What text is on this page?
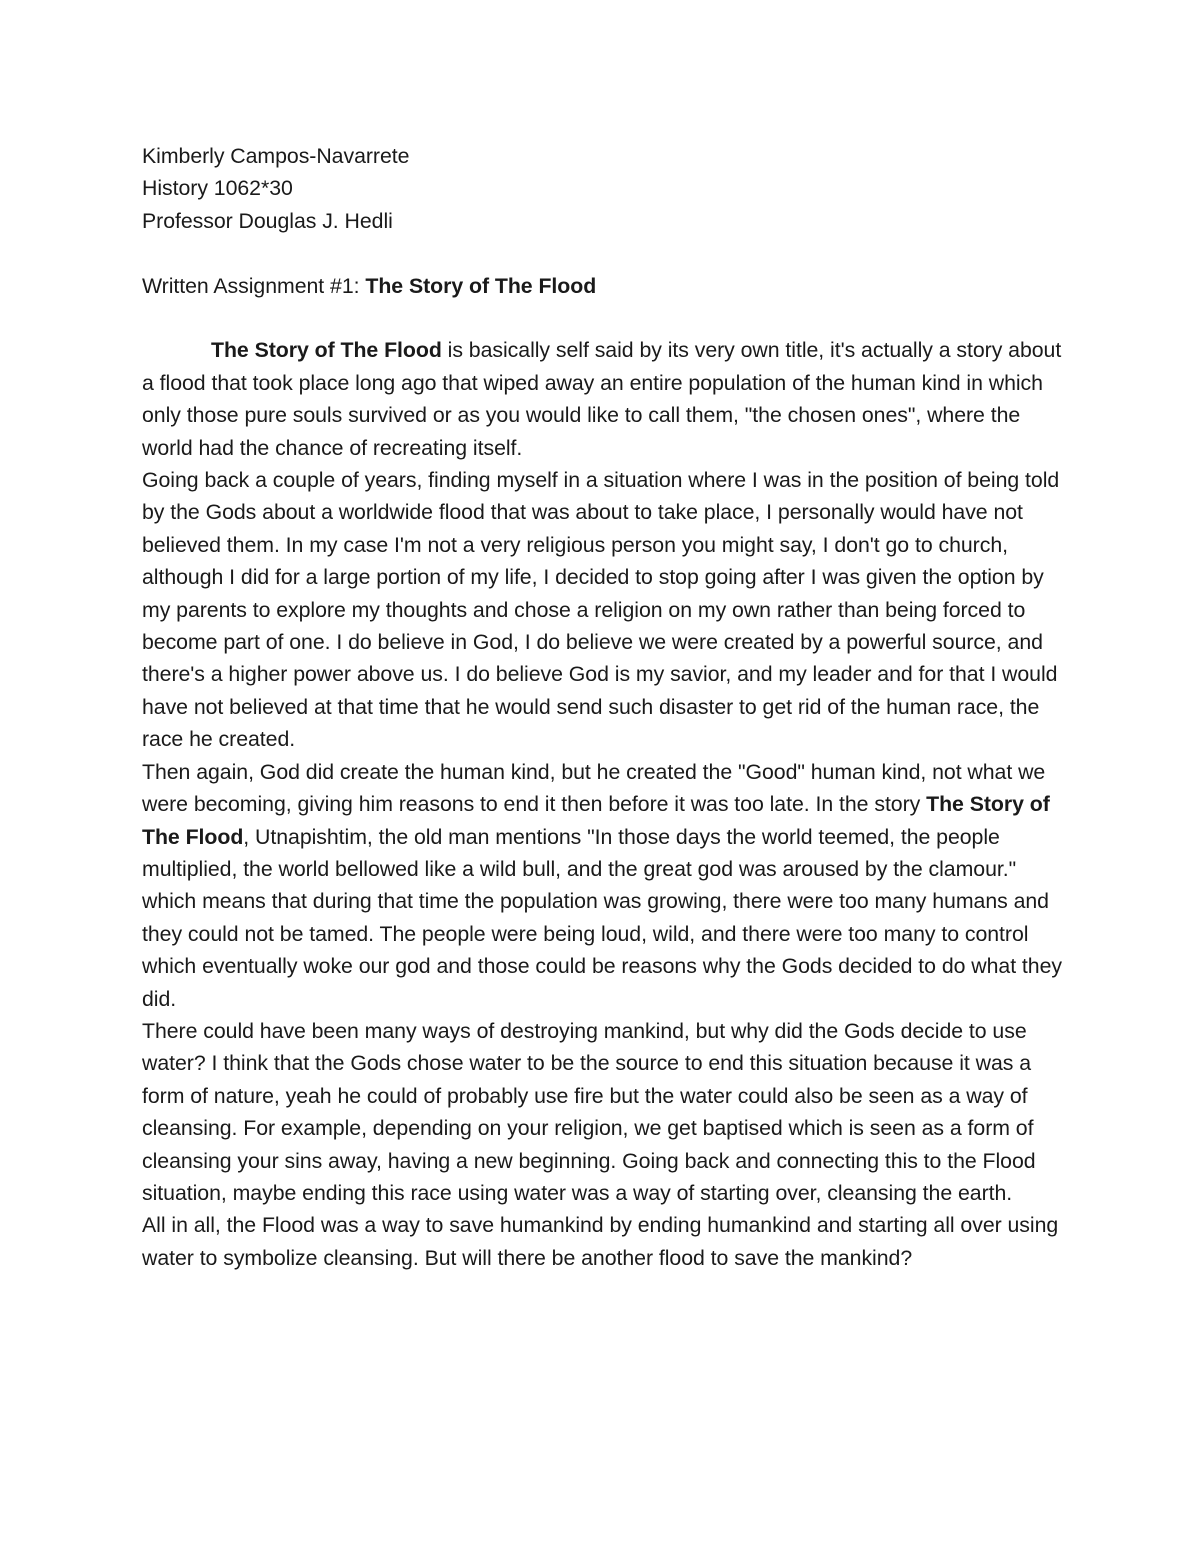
Kimberly Campos-Navarrete

History 1062*30

Professor Douglas J. Hedli

Written Assignment #1: The Story of The Flood

The Story of The Flood is basically self said by its very own title, it's actually a story about a flood that took place long ago that wiped away an entire population of the human kind in which only those pure souls survived or as you would like to call them, "the chosen ones", where the world had the chance of recreating itself.

Going back a couple of years, finding myself in a situation where I was in the position of being told by the Gods about a worldwide flood that was about to take place, I personally would have not believed them. In my case I'm not a very religious person you might say, I don't go to church, although I did for a large portion of my life, I decided to stop going after I was given the option by my parents to explore my thoughts and chose a religion on my own rather than being forced to become part of one. I do believe in God, I do believe we were created by a powerful source, and there's a higher power above us. I do believe God is my savior, and my leader and for that I would have not believed at that time that he would send such disaster to get rid of the human race, the race he created.

Then again, God did create the human kind, but he created the "Good" human kind, not what we were becoming, giving him reasons to end it then before it was too late. In the story The Story of The Flood, Utnapishtim, the old man mentions "In those days the world teemed, the people multiplied, the world bellowed like a wild bull, and the great god was aroused by the clamour." which means that during that time the population was growing, there were too many humans and they could not be tamed. The people were being loud, wild, and there were too many to control which eventually woke our god and those could be reasons why the Gods decided to do what they did.

There could have been many ways of destroying mankind, but why did the Gods decide to use water? I think that the Gods chose water to be the source to end this situation because it was a form of nature, yeah he could of probably use fire but the water could also be seen as a way of cleansing. For example, depending on your religion, we get baptised which is seen as a form of cleansing your sins away, having a new beginning. Going back and connecting this to the Flood situation, maybe ending this race using water was a way of starting over, cleansing the earth.

All in all, the Flood was a way to save humankind by ending humankind and starting all over using water to symbolize cleansing. But will there be another flood to save the mankind?
